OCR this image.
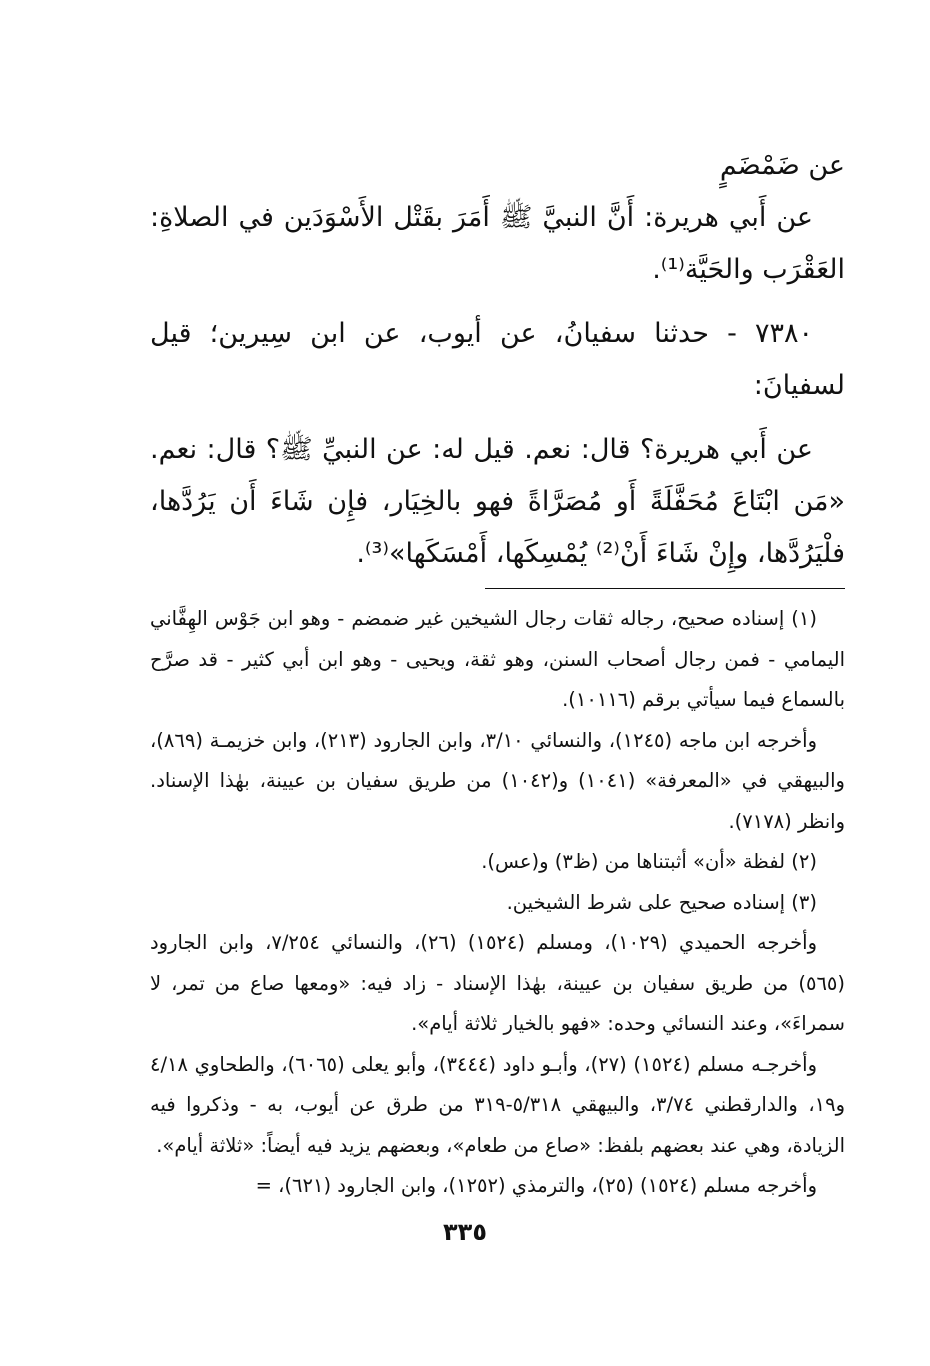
عن ضَمْضَمٍ

عن أَبي هريرة: أَنَّ النبيَّ ﷺ أَمَرَ بقَتْل الأَسْوَدَين في الصلاةِ: العَقْرَب والحَيَّة⁽¹⁾.

٧٣٨٠ - حدثنا سفيانُ، عن أيوب، عن ابن سِيرين؛ قيل لسفيانَ:

عن أَبي هريرة؟ قال: نعم. قيل له: عن النبيِّ ﷺ؟ قال: نعم. «مَن ابْتَاعَ مُحَفَّلَةً أَو مُصَرَّاةً فهو بالخِيَار، فإِن شَاءَ أَن يَرُدَّها، فلْيَرُدَّها، وإِنْ شَاءَ أَنْ⁽²⁾ يُمْسِكَها، أَمْسَكَها»⁽³⁾.

(١) إسناده صحيح، رجاله ثقات رجال الشيخين غير ضمضم - وهو ابن جَوْس الهِفَّاني اليمامي - فمن رجال أصحاب السنن، وهو ثقة، ويحيى - وهو ابن أبي كثير - قد صرَّح بالسماع فيما سيأتي برقم (١٠١١٦).

وأخرجه ابن ماجه (١٢٤٥)، والنسائي ٣/١٠، وابن الجارود (٢١٣)، وابن خزيمـة (٨٦٩)، والبيهقي في «المعرفة» (١٠٤١) و(١٠٤٢) من طريق سفيان بن عيينة، بهٰذا الإسناد. وانظر (٧١٧٨).

(٢) لفظة «أن» أثبتناها من (ظ٣) و(عس).

(٣) إسناده صحيح على شرط الشيخين.

وأخرجه الحميدي (١٠٢٩)، ومسلم (١٥٢٤) (٢٦)، والنسائي ٧/٢٥٤، وابن الجارود (٥٦٥) من طريق سفيان بن عيينة، بهٰذا الإسناد - زاد فيه: «ومعها صاع من تمر، لا سمراءَ»، وعند النسائي وحده: «فهو بالخيار ثلاثة أيام».

وأخرجـه مسلم (١٥٢٤) (٢٧)، وأبـو داود (٣٤٤٤)، وأبو يعلى (٦٠٦٥)، والطحاوي ٤/١٨ و١٩، والدارقطني ٣/٧٤، والبيهقي ٥/٣١٨-٣١٩ من طرق عن أيوب، به - وذكروا فيه الزيادة، وهي عند بعضهم بلفظ: «صاع من طعام»، وبعضهم يزيد فيه أيضاً: «ثلاثة أيام».

وأخرجه مسلم (١٥٢٤) (٢٥)، والترمذي (١٢٥٢)، وابن الجارود (٦٢١)، =

٣٣٥
